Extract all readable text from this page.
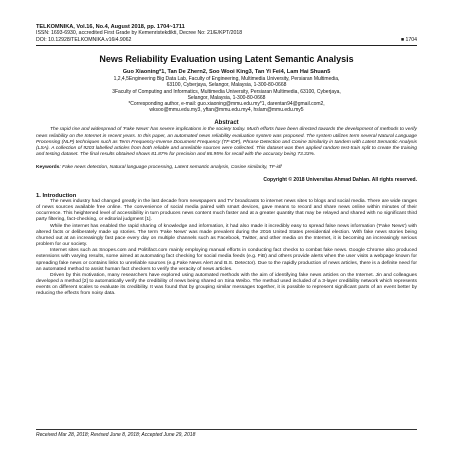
TELKOMNIKA, Vol.16, No.4, August 2018, pp. 1704~1711
ISSN: 1693-6930, accredited First Grade by Kemenristekdikti, Decree No: 21/E/KPT/2018
DOI: 10.12928/TELKOMNIKA.v16i4.9062	■ 1704
News Reliability Evaluation using Latent Semantic Analysis
Guo Xiaoning*1, Tan De Zhern2, Soo Wooi King3, Tan Yi Fei4, Lam Hai Shuan5
1,2,4,5Engineering Big Data Lab, Faculty of Engineering, Multimedia University, Persiaran Multimedia,
63100, Cyberjaya, Selangor, Malaysia, 1-300-80-0668
3Faculty of Computing and Informatics, Multimedia University, Persiaran Multimedia, 63100, Cyberjaya,
Selangor, Malaysia, 1-300-80-0668
*Corresponding author, e-mail: guo.xiaoning@mmu.edu.my*1, darentan94@gmail.com2,
wksoo@mmu.edu.my3, yftan@mmu.edu.my4, hslam@mmu.edu.my5
Abstract

The rapid rise and widespread of 'Fake News' has severe implications in the society today. Much efforts have been directed towards the development of methods to verify news reliability on the Internet in recent years. In this paper, an automated news reliability evaluation system was proposed. The system utilizes term several Natural Language Processing (NLP) techniques such as Term Frequency-Inverse Document Frequency (TF-IDF), Phrase Detection and Cosine Similarity in tandem with Latent Semantic Analysis (LSA). A collection of 9203 labelled articles from both reliable and unreliable sources were collected. This dataset was then applied random test-train split to create the training and testing dataset. The final results obtained shows 81.87% for precision and 86.95% for recall with the accuracy being 73.33%.

Keywords: Fake news detection, Natural language processing, Latent semantic analysis, Cosine similarity, TF-idf
Copyright © 2018 Universitas Ahmad Dahlan. All rights reserved.
1. Introduction

The news industry had changed greatly in the last decade from newspapers and TV broadcasts to internet news sites to blogs and social media. There are wide ranges of news sources available free online. The convenience of social media paired with smart devices, gave means to record and share news online within minutes of their occurrence. This heightened level of accessibility in turn produces news content much faster and at a greater quantity that may be relayed and shared with no significant third party filtering, fact-checking, or editorial judgment [1].

While the internet has enabled the rapid sharing of knowledge and information, it had also made it incredibly easy to spread false news information ('Fake News') with altered facts or deliberately made up stories. The term 'Fake News' was made prevalent during the 2016 United States presidential election. With fake news stories being churned out at an increasingly fast pace every day on multiple channels such as Facebook, Twitter, and other media on the Internet, it is becoming an increasingly serious problem for our society.

Internet sites such as Snopes.com and Politifact.com mainly employing manual efforts in conducting fact checks to combat fake news. Google Chrome also produced extensions with varying results, some aimed at automating fact checking for social media feeds (e.g. FiB) and others provide alerts when the user visits a webpage known for spreading fake news or contains links to unreliable sources (e.g.Fake News Alert and B.S. Detector). Due to the rapidly production of news articles, there is a definite need for an automated method to assist human fact checkers to verify the veracity of news articles.

Driven by this motivation, many researchers have explored using automated methods with the aim of identifying fake news articles on the Internet. Jin and colleagues developed a method [2] to automatically verify the credibility of news being shared on Sina Weibo. The method used included of a 3-layer credibility network which represents events on different scales to evaluate its credibility. It was found that by grouping similar messages together, it is possible to represent significant parts of an event better by reducing the effects from noisy data.

Received Mar 28, 2018; Revised June 8, 2018; Accepted June 29, 2018
